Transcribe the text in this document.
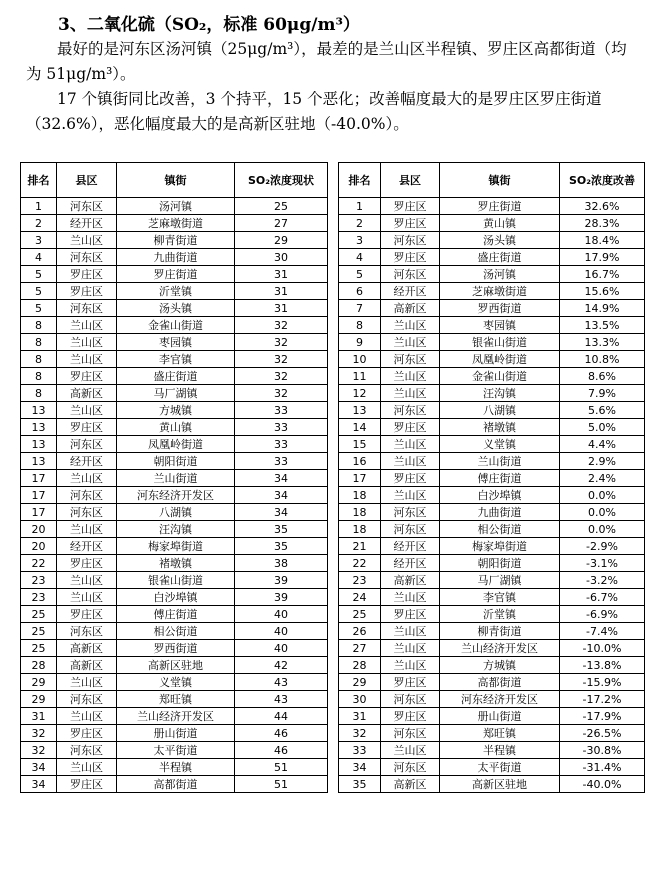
3、二氧化硫（SO₂，标准 60μg/m³）

最好的是河东区汤河镇（25μg/m³），最差的是兰山区半程镇、罗庄区高都街道（均为 51μg/m³）。

17 个镇街同比改善，3 个持平，15 个恶化；改善幅度最大的是罗庄区罗庄街道（32.6%），恶化幅度最大的是高新区驻地（-40.0%）。

排名	县区	镇街	SO₂浓度现状
1	河东区	汤河镇	25
2	经开区	芝麻墩街道	27
3	兰山区	柳青街道	29
4	河东区	九曲街道	30
5	罗庄区	罗庄街道	31
5	罗庄区	沂堂镇	31
5	河东区	汤头镇	31
8	兰山区	金雀山街道	32
8	兰山区	枣园镇	32
8	兰山区	李官镇	32
8	罗庄区	盛庄街道	32
8	高新区	马厂湖镇	32
13	兰山区	方城镇	33
13	罗庄区	黄山镇	33
13	河东区	凤凰岭街道	33
13	经开区	朝阳街道	33
17	兰山区	兰山街道	34
17	河东区	河东经济开发区	34
17	河东区	八湖镇	34
20	兰山区	汪沟镇	35
20	经开区	梅家埠街道	35
22	罗庄区	褚墩镇	38
23	兰山区	银雀山街道	39
23	兰山区	白沙埠镇	39
25	罗庄区	傅庄街道	40
25	河东区	相公街道	40
25	高新区	罗西街道	40
28	高新区	高新区驻地	42
29	兰山区	义堂镇	43
29	河东区	郑旺镇	43
31	兰山区	兰山经济开发区	44
32	罗庄区	册山街道	46
32	河东区	太平街道	46
34	兰山区	半程镇	51
34	罗庄区	高都街道	51
排名	县区	镇街	SO₂浓度改善
1	罗庄区	罗庄街道	32.6%
2	罗庄区	黄山镇	28.3%
3	河东区	汤头镇	18.4%
4	罗庄区	盛庄街道	17.9%
5	河东区	汤河镇	16.7%
6	经开区	芝麻墩街道	15.6%
7	高新区	罗西街道	14.9%
8	兰山区	枣园镇	13.5%
9	兰山区	银雀山街道	13.3%
10	河东区	凤凰岭街道	10.8%
11	兰山区	金雀山街道	8.6%
12	兰山区	汪沟镇	7.9%
13	河东区	八湖镇	5.6%
14	罗庄区	褚墩镇	5.0%
15	兰山区	义堂镇	4.4%
16	兰山区	兰山街道	2.9%
17	罗庄区	傅庄街道	2.4%
18	兰山区	白沙埠镇	0.0%
18	河东区	九曲街道	0.0%
18	河东区	相公街道	0.0%
21	经开区	梅家埠街道	-2.9%
22	经开区	朝阳街道	-3.1%
23	高新区	马厂湖镇	-3.2%
24	兰山区	李官镇	-6.7%
25	罗庄区	沂堂镇	-6.9%
26	兰山区	柳青街道	-7.4%
27	兰山区	兰山经济开发区	-10.0%
28	兰山区	方城镇	-13.8%
29	罗庄区	高都街道	-15.9%
30	河东区	河东经济开发区	-17.2%
31	罗庄区	册山街道	-17.9%
32	河东区	郑旺镇	-26.5%
33	兰山区	半程镇	-30.8%
34	河东区	太平街道	-31.4%
35	高新区	高新区驻地	-40.0%
